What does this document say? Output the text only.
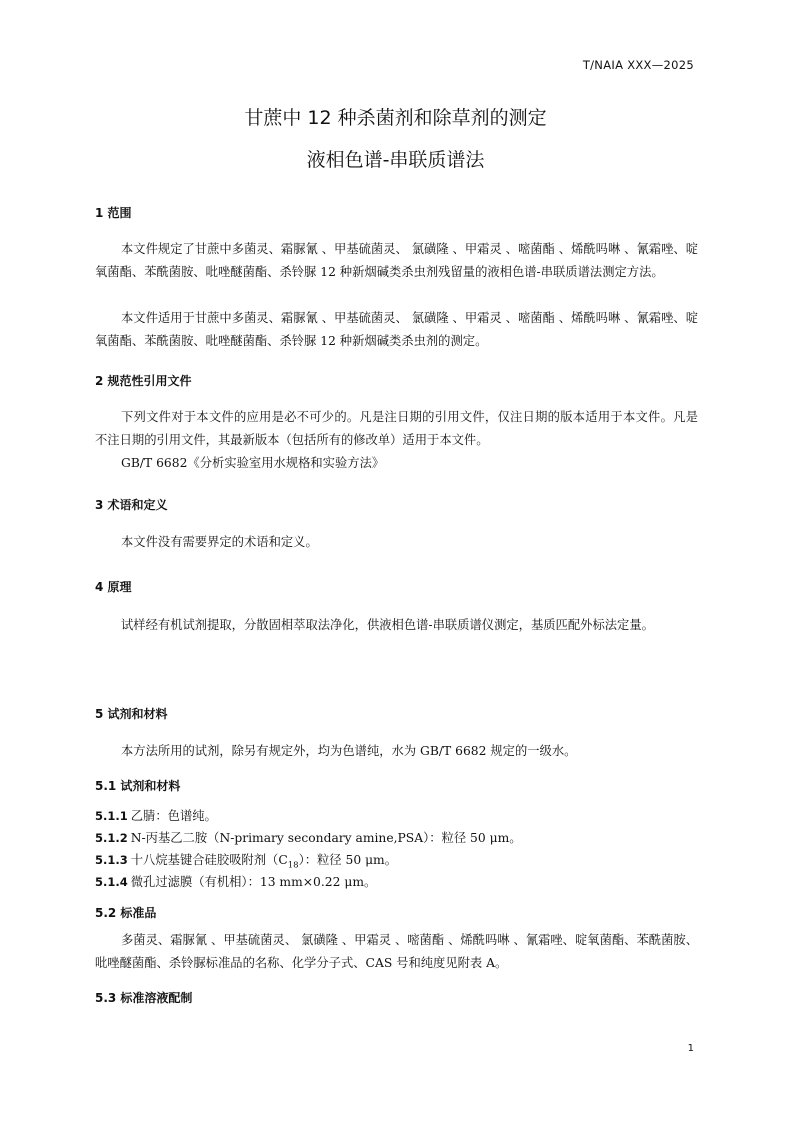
T/NAIA XXX—2025
甘蔗中 12 种杀菌剂和除草剂的测定
液相色谱-串联质谱法
1 范围

本文件规定了甘蔗中多菌灵、霜脲氰 、甲基硫菌灵、 氯磺隆 、甲霜灵 、嘧菌酯 、烯酰吗啉 、氰霜唑、啶氧菌酯、苯酰菌胺、吡唑醚菌酯、杀铃脲 12 种新烟碱类杀虫剂残留量的液相色谱-串联质谱法测定方法。

本文件适用于甘蔗中多菌灵、霜脲氰 、甲基硫菌灵、 氯磺隆 、甲霜灵 、嘧菌酯 、烯酰吗啉 、氰霜唑、啶氧菌酯、苯酰菌胺、吡唑醚菌酯、杀铃脲 12 种新烟碱类杀虫剂的测定。

2 规范性引用文件

下列文件对于本文件的应用是必不可少的。凡是注日期的引用文件，仅注日期的版本适用于本文件。凡是不注日期的引用文件，其最新版本（包括所有的修改单）适用于本文件。

GB/T 6682《分析实验室用水规格和实验方法》

3 术语和定义

本文件没有需要界定的术语和定义。

4 原理

试样经有机试剂提取，分散固相萃取法净化，供液相色谱-串联质谱仪测定，基质匹配外标法定量。

5 试剂和材料

本方法所用的试剂，除另有规定外，均为色谱纯，水为 GB/T 6682 规定的一级水。

5.1 试剂和材料
5.1.1 乙腈：色谱纯。
5.1.2 N-丙基乙二胺（N-primary secondary amine,PSA）：粒径 50 μm。
5.1.3 十八烷基键合硅胶吸附剂$(C_{18})$：粒径 50 μm。
5.1.4 微孔过滤膜（有机相）：13 mm×0.22 μm。
5.2 标准品

多菌灵、霜脲氰 、甲基硫菌灵、 氯磺隆 、甲霜灵 、嘧菌酯 、烯酰吗啉 、氰霜唑、啶氧菌酯、苯酰菌胺、吡唑醚菌酯、杀铃脲标准品的名称、化学分子式、CAS 号和纯度见附表 A。

5.3 标准溶液配制
1
